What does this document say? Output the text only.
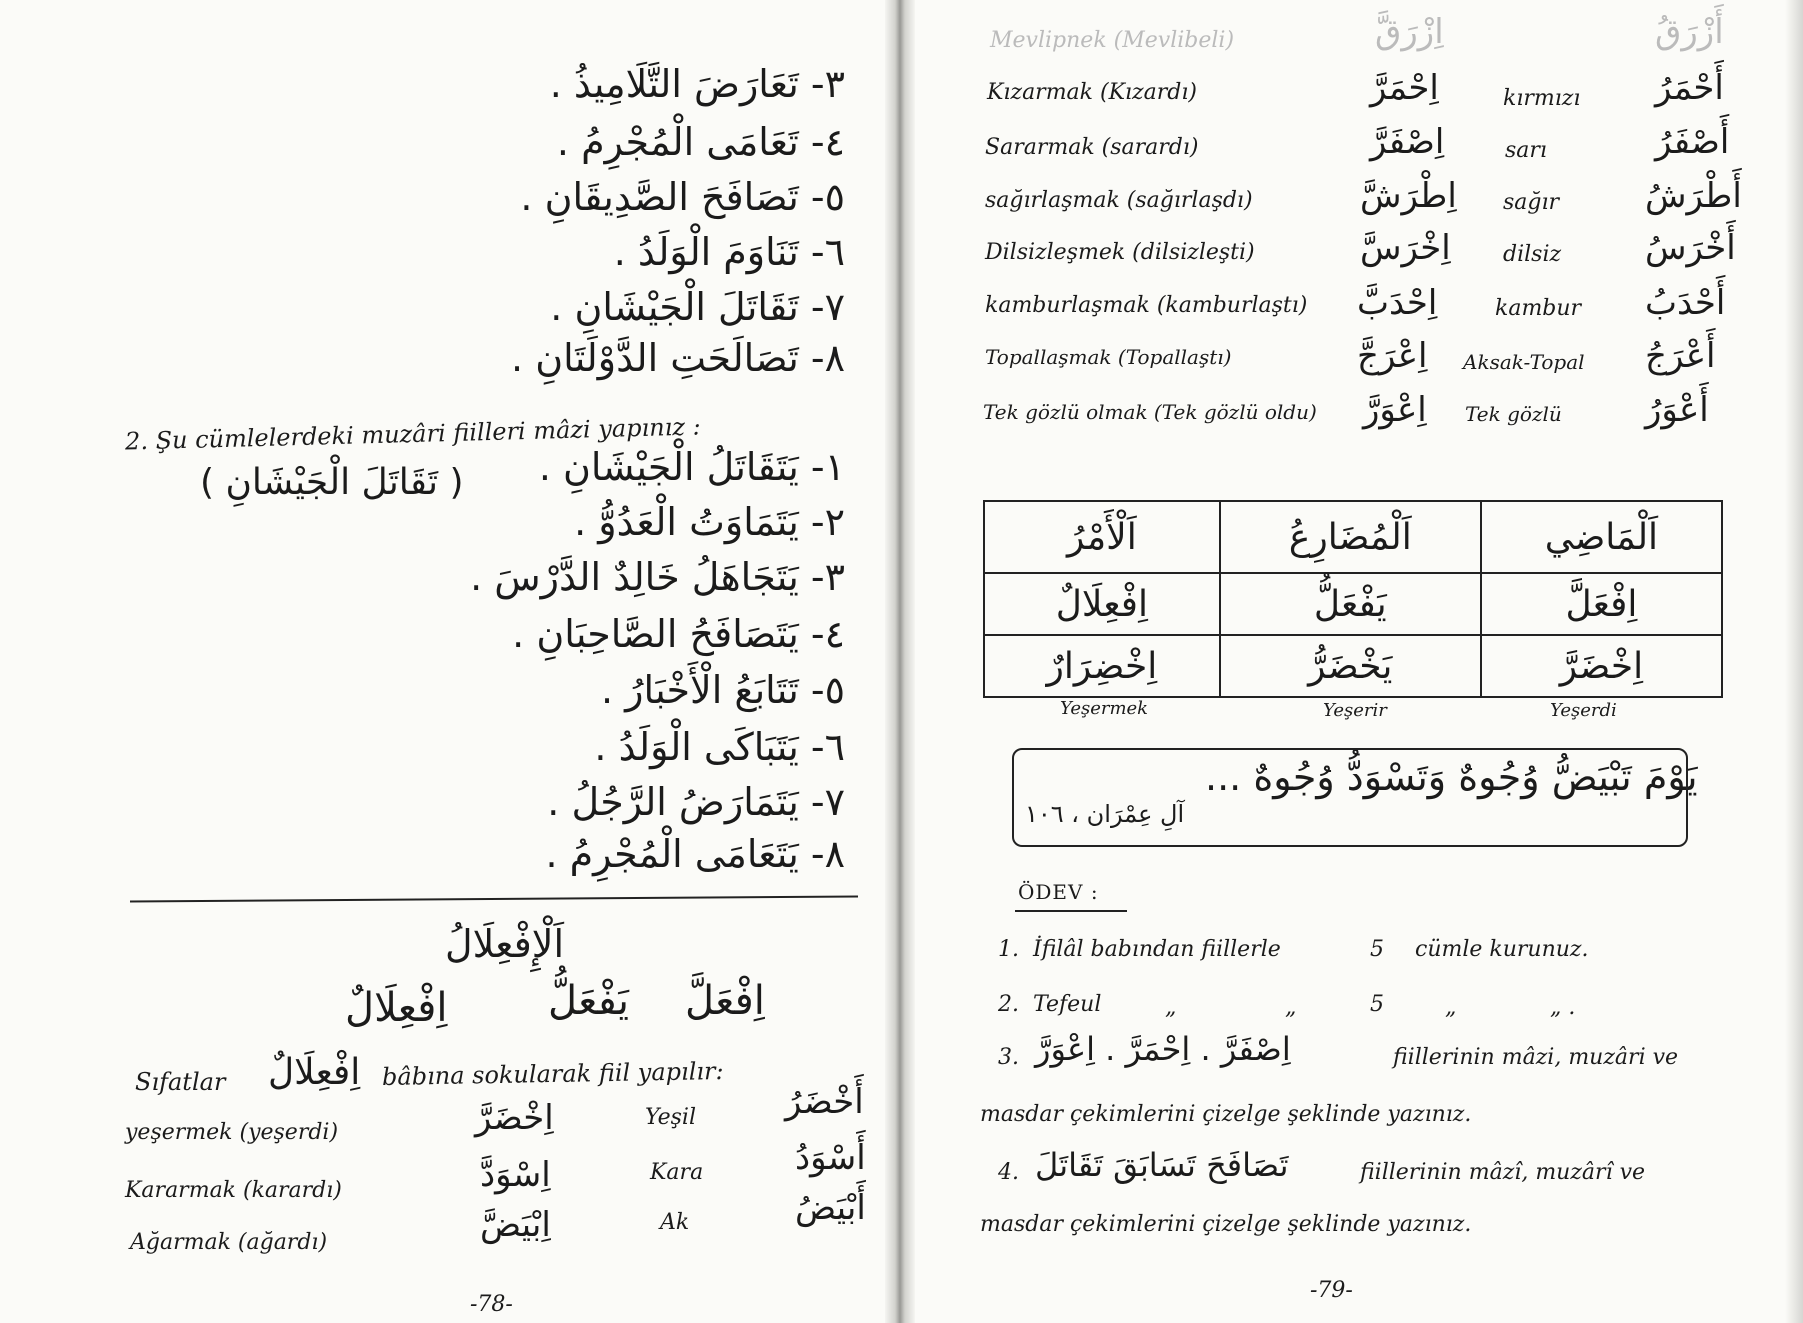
٣- تَعَارَضَ التَّلَامِيذُ .
٤- تَعَامَى الْمُجْرِمُ .
٥- تَصَافَحَ الصَّدِيقَانِ .
٦- تَنَاوَمَ الْوَلَدُ .
٧- تَقَاتَلَ الْجَيْشَانِ .
٨- تَصَالَحَتِ الدَّوْلَتَانِ .
2. Şu cümlelerdeki muzâri fiilleri mâzi yapınız :
( تَقَاتَلَ الْجَيْشَانِ ) ١- يَتَقَاتَلُ الْجَيْشَانِ .
٢- يَتَمَاوَتُ الْعَدُوُّ .
٣- يَتَجَاهَلُ خَالِدٌ الدَّرْسَ .
٤- يَتَصَافَحُ الصَّاحِبَانِ .
٥- تَتَابَعُ الْأَخْبَارُ .
٦- يَتَبَاكَى الْوَلَدُ .
٧- يَتَمَارَضُ الرَّجُلُ .
٨- يَتَعَامَى الْمُجْرِمُ .
اَلْإِفْعِلَالُ
اِفْعَلَّ
يَفْعَلُّ
اِفْعِلَالٌ
Sıfatlar اِفْعِلَالٌ bâbına sokularak fiil yapılır:
yeşermek (yeşerdi)	اِخْضَرَّ	Yeşil	أَخْضَرُ
Kararmak (karardı)	اِسْوَدَّ	Kara	أَسْوَدُ
Ağarmak (ağardı)	اِبْيَضَّ	Ak	أَبْيَضُ
-78-
Mevlipnek (Mevlibeli)	اِزْرَقَّ	أَزْرَقُ
Kızarmak (Kızardı)	اِحْمَرَّ	kırmızı أَحْمَرُ
Sararmak (sarardı)	اِصْفَرَّ	sarı	أَصْفَرُ
sağırlaşmak (sağırlaşdı)	اِطْرَشَّ sağır	أَطْرَشُ
Dilsizleşmek (dilsizleşti)	اِخْرَسَّ dilsiz أَخْرَسُ
kamburlaşmak (kamburlaştı) اِحْدَبَّ	kambur أَحْدَبُ
Topallaşmak (Topallaştı)	اِعْرَجَّ Aksak-Topal أَعْرَجُ
Tek gözlü olmak (Tek gözlü oldu) اِعْوَرَّ Tek gözlü أَعْوَرُ
Yeşermek	Yeşerir	Yeşerdi
يَوْمَ تَبْيَضُّ وُجُوهٌ وَتَسْوَدُّ وُجُوهٌ ...
آلِ عِمْرَان ، ١٠٦
ÖDEV :
1. İfilâl babından fiillerle	5 cümle kurunuz.
2. Tefeul	„	„	5	„	„ .
3. اِصْفَرَّ . اِحْمَرَّ . اِعْوَرَّ	fiillerinin mâzi, muzâri ve
masdar çekimlerini çizelge şeklinde yazınız.
4. تَصَافَحَ تَسَابَقَ تَقَاتَلَ	fiillerinin mâzî, muzârî ve
masdar çekimlerini çizelge şeklinde yazınız.
-79-
اَلْأَمْرُ	اَلْمُضَارِعُ	اَلْمَاضِي
اِفْعِلَالٌ	يَفْعَلُّ	اِفْعَلَّ
اِخْضِرَارٌ	يَخْضَرُّ	اِخْضَرَّ
